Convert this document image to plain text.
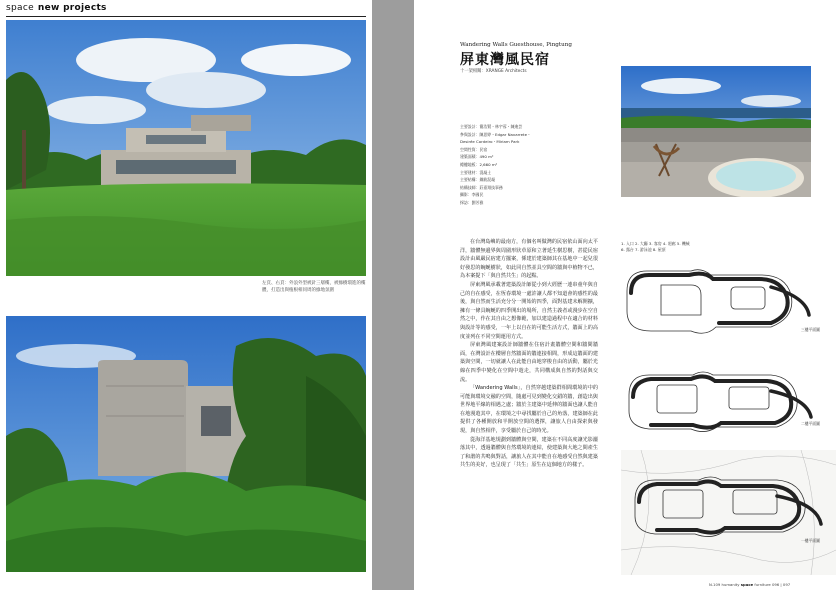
space new projects
左頁、右頁：外浪外型被針三層樓，被綠樹環進的樓體，打造出與植根相同周的綠地氛圍
Wandering Walls Guesthouse, Pingtung
屏東灣風民宿
十一架相關：XRANGE Architects
主要設計：簡浩賢・林宇蓉・陳進芸
參與設計：陳思婷・Edgar Navarrete・
Desirée Cordeiro・Miriam Park
空間性質：民宿
建築面積：490 m²
總樓地板：2,660 m²
主要建材：混凝土
主要結構：鋼筋混凝
結構技師：莊嘉翔技事務
攝影：李國民
採訪：劉芳雅

在台灣島嶼的最南方，有個名叫做灣的民宿依山面向太平洋，牆體無邊界與周圍形狀草原和立著延生樹思樹，甚從民宿設計由風嚴民宿建方擺案，係建於建築師其在基地中一起兒很好發思的蜿蜒樹狀，如此同自然並具空間的牆與中植物不已，為本案提下「與自然共生」的起點。

屏東灣風承載著建築設計師從小到大經歷一連串童年與自己的自在感受，在恆春環境一處許讓人都不知道會的感性的最後，與自然而生活充分分一開始的四季，面對基建未解開擴，擁有一條具蜿蜒的四季開出的場所，自然主義者或漫步在空自然之中，作在其自由之想像範，加以建造過程中在適合的材料與設計等的感受，一年上以自在的可能生活方式，牆面上的高度並列在不同空間運用方式。

屏東灣風建案設計師牆體在住宿計畫牆體空間和牆間牆面，在灣設計在樓層自然牆面的牆連接相間，形成這牆面的建築與空間，一切就讓人在此能自由地穿梭自由的活動，屬於光線在四季中變化在空間中遊走，共同構成與自然的對話與交流。

「Wandering Walls」，自然穿越建築群相間環境的中的可能與環境交融的空間，隨處可見到變化交錯的牆，創造出與世界地平線的相遇之處；牆於主建築中延伸的牆面也讓人能自在地漫遊其中，在環境之中尋找屬於自己的角落，建築師在此提供了各種開放和半開放空間的選擇，讓旅人自由探索與發現，與自然相伴，享受屬於自己的時光。

從海洋基地規劃到牆體與空間，建築在不同高度讓光影灑落其中，透過牆體與自然環境的連結，使建築與大地之間產生了和諧的共鳴與對話，讓旅人在其中能自在地感受自然與建築共生的美好，也呈現了「共生」原生在這個地方的樣子。

1. 入口 2. 大廳 3. 客房 4. 迴廊 5. 機械
6. 露台 7. 游泳池 8. 屋頂
三樓平面圖
二樓平面圖
一樓平面圖
N.109 humanity space furniture 096 | 097
